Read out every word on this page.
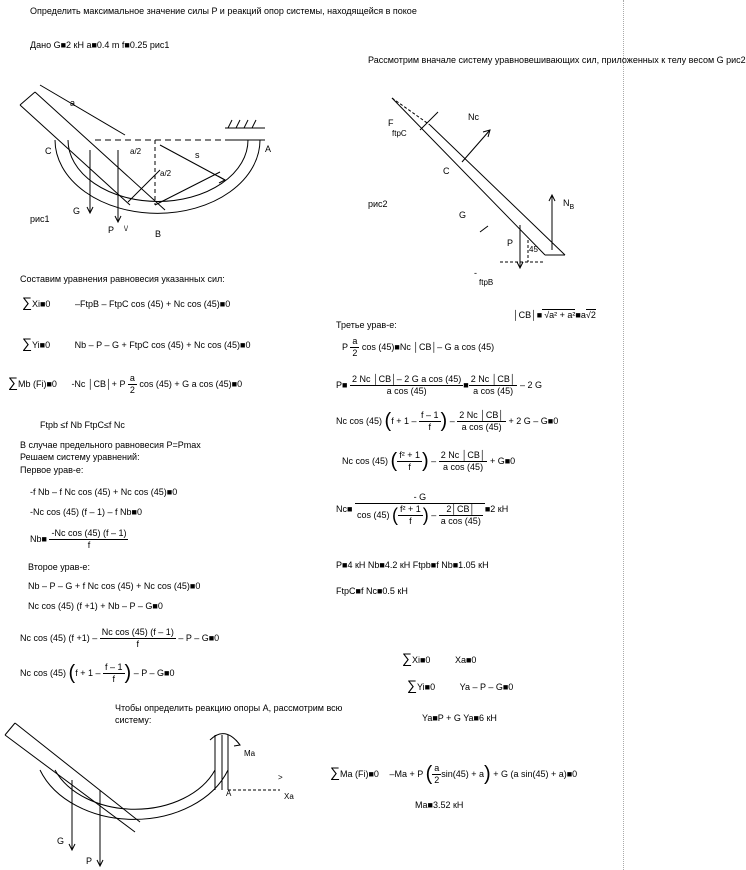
Определить максимальное значение силы P и реакций опор системы, находящейся в покое
Дано G■2 кН a■0.4 m f■0.25 рис1
Рассмотрим вначале систему уравновешивающих сил, приложенных к телу весом G рис2
a
C	A
a/2
a/2
s
G
P \/	B
рис1
F
ftpC
Nc
C
$N_B$
G
P
45
-
ftpB
рис2
Составим уравнения равновесия указанных сил:
∑Xi■0	–FtpB – FtpC cos (45) + Nc cos (45)■0
∑Yi■0	Nb – P – G + FtpC cos (45) + Nc cos (45)■0
∑Mb (Fi)■0 -Nc │CB│+ P $\frac{a}{2}$ cos (45) + G a cos (45)■0
Ftpb ≤f Nb FtpC≤f Nc
В случае предельного равновесия P=Pmax
Решаем систему уравнений:
Первое урав-е:
-f Nb – f Nc cos (45) + Nc cos (45)■0
-Nc cos (45) (f – 1) – f Nb■0
Nb■ $\frac{\text{-Nc cos (45) (f – 1)}}{f}$
Второе урав-е:
Nb – P – G + f Nc cos (45) + Nc cos (45)■0
Nc cos (45) (f +1) + Nb – P – G■0
Nc cos (45) $(f +1) - \frac{\text{Nc cos (45) (f – 1)}}{f} - P$ – G■0
Nc cos (45) ($f + 1 - \frac{f - 1}{f}$ ) – P – G■0
Чтобы определить реакцию опоры A, рассмотрим всю
систему:
│CB│■ √a² + a²■a√2
Третье урав-е:
P $\frac{a}{2}$ cos (45)■Nc │CB│– G a cos (45)
P■ $\frac{\text{2 Nc │CB│– 2 G a cos (45)}}{\text{a cos (45)}}$ ■ $\frac{2 Nc │CB│}{\text{a cos (45)}} - 2$ G
Nc cos (45) ($f + 1 - \frac{f - 1}{f}$ ) – $\frac{2 Nc │CB│}{\text{a cos (45)}} + 2$ G – G■0
Nc cos (45) ( $\frac{\text{f² + 1}}{f}$ ) – $\frac{2 Nc │CB│}{\text{a cos (45)}}$ + G■0
Nc■ $\frac{- G}{\cos (45) ( \frac{\text{f² + 1}}{f} ) - \frac{2│CB│}{\text{a cos (45)}}}$ ■2 кН
P■4 кН Nb■4.2 кН Ftpb■f Nb■1.05 кН
FtpC■f Nc■0.5 кН
∑Xi■0	Xa■0
∑Yi■0	Ya – P – G■0
Ya■P + G Ya■6 кН
Ma
A
>
Xa
G
P
∑Ma (Fi)■0 –Ma + P ( $\frac{a}{2} \sin(45) + a) + G$ (a sin(45) + a)■0
Ma■3.52 кН
